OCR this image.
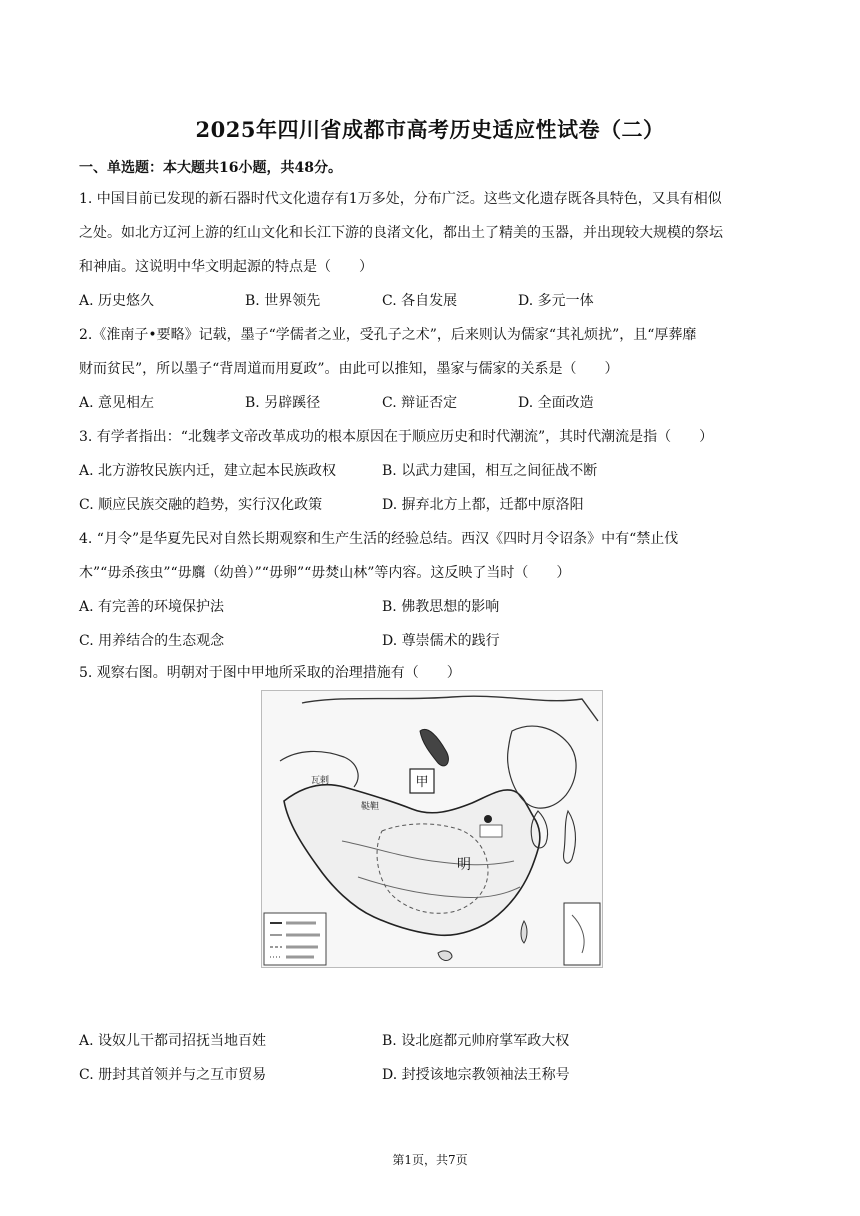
2025年四川省成都市高考历史适应性试卷（二）
一、单选题：本大题共16小题，共48分。
1. 中国目前已发现的新石器时代文化遗存有1万多处，分布广泛。这些文化遗存既各具特色，又具有相似
之处。如北方辽河上游的红山文化和长江下游的良渚文化，都出土了精美的玉器，并出现较大规模的祭坛
和神庙。这说明中华文明起源的特点是（　　）
A. 历史悠久	B. 世界领先	C. 各自发展	D. 多元一体
2.《淮南子•要略》记载，墨子“学儒者之业，受孔子之术”，后来则认为儒家“其礼烦扰”，且“厚葬靡
财而贫民”，所以墨子“背周道而用夏政”。由此可以推知，墨家与儒家的关系是（　　）
A. 意见相左	B. 另辟蹊径	C. 辩证否定	D. 全面改造
3. 有学者指出：“北魏孝文帝改革成功的根本原因在于顺应历史和时代潮流”，其时代潮流是指（　　）
A. 北方游牧民族内迁，建立起本民族政权	B. 以武力建国，相互之间征战不断
C. 顺应民族交融的趋势，实行汉化政策	D. 摒弃北方上都，迁都中原洛阳
4. “月令”是华夏先民对自然长期观察和生产生活的经验总结。西汉《四时月令诏条》中有“禁止伐
木”“毋杀孩虫”“毋麛（幼兽）”“毋卵”“毋焚山林”等内容。这反映了当时（　　）
A. 有完善的环境保护法	B. 佛教思想的影响
C. 用养结合的生态观念	D. 尊崇儒术的践行
5. 观察右图。明朝对于图中甲地所采取的治理措施有（　　）
甲
明
瓦剌
鞑靼
A. 设奴儿干都司招抚当地百姓	B. 设北庭都元帅府掌军政大权
C. 册封其首领并与之互市贸易	D. 封授该地宗教领袖法王称号
第1页，共7页
